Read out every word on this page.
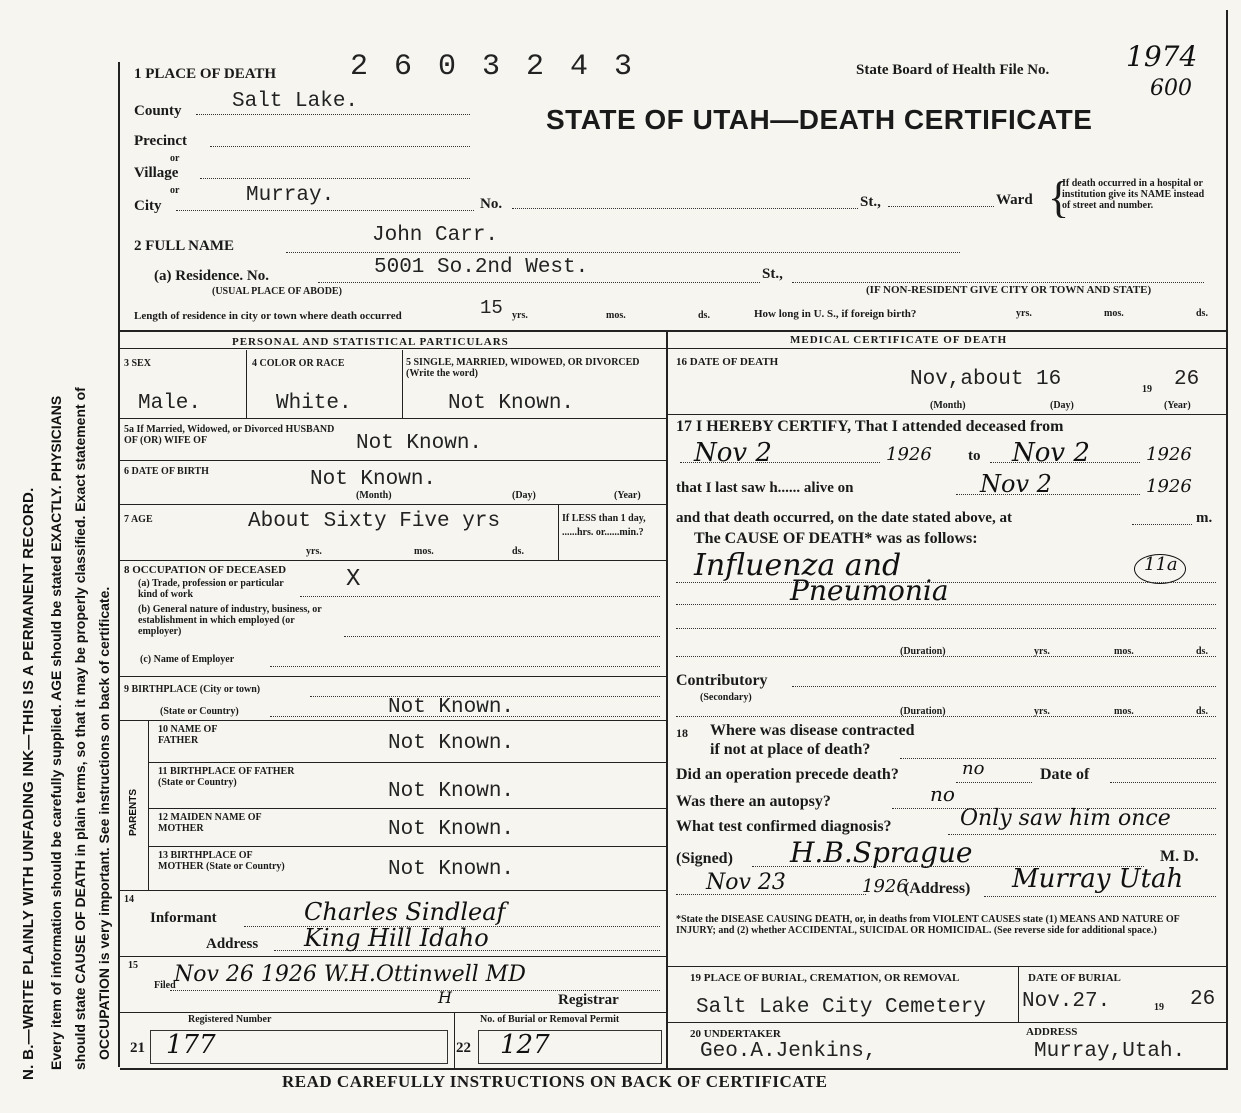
N. B.—WRITE PLAINLY WITH UNFADING INK—THIS IS A PERMANENT RECORD. Every item of information should be carefully supplied. AGE should be stated EXACTLY. PHYSICIANS should state CAUSE OF DEATH in plain terms, so that it may be properly classified. Exact statement of OCCUPATION is very important. See instructions on back of certificate.
1 PLACE OF DEATH 2 6 0 3 2 4 3	State Board of Health File No.	1974
600
STATE OF UTAH—DEATH CERTIFICATE
County Salt Lake.
Precinct
or
Village
or
City	Murray.	No.	St.,	Ward {
If death occurred in a hospital or institution give its NAME instead of street and number.
2 FULL NAME	John Carr.
(a) Residence. No.	5001 So.2nd West.	St.,
(USUAL PLACE OF ABODE)	(IF NON-RESIDENT GIVE CITY OR TOWN AND STATE)
Length of residence in city or town where death occurred	15 yrs.	mos.	ds.	How long in U. S., if foreign birth?	yrs.	mos.	ds.
PERSONAL AND STATISTICAL PARTICULARS	MEDICAL CERTIFICATE OF DEATH
3 SEX
Male.
4 COLOR OR RACE
White.
5 SINGLE, MARRIED, WIDOWED, OR DIVORCED (Write the word)
Not Known.
5a If Married, Widowed, or Divorced HUSBAND OF (OR) WIFE OF	Not Known.
6 DATE OF BIRTH	Not Known.
(Month)	(Day)	(Year)
7 AGE	About Sixty Five yrs
yrs.	mos.	ds.
If LESS than 1 day, ......hrs. or......min.?
8 OCCUPATION OF DECEASED X
(a) Trade, profession or particular kind of work
(b) General nature of industry, business, or establishment in which employed (or employer)
(c) Name of Employer
9 BIRTHPLACE (City or town)
(State or Country)	Not Known.
PARENTS
10 NAME OF FATHER	Not Known.
11 BIRTHPLACE OF FATHER (State or Country)	Not Known.
12 MAIDEN NAME OF MOTHER	Not Known.
13 BIRTHPLACE OF MOTHER (State or Country)	Not Known.
14
Informant	Charles Sindleaf
Address King Hill Idaho
15
Filed
Nov 26 1926 W.H.Ottinwell MD
H	Registrar
Registered Number	No. of Burial or Removal Permit
21 177	22 127
16 DATE OF DEATH
Nov,about 16	19 26
(Month)	(Day)	(Year)
17 I HEREBY CERTIFY, That I attended deceased from
Nov 2	1926 to Nov 2	1926
that I last saw h...... alive on	Nov 2	1926
and that death occurred, on the date stated above, at	m.
The CAUSE OF DEATH* was as follows:
Influenza and	11a
Pneumonia
(Duration)	yrs.	mos.	ds.
Contributory
(Secondary)
(Duration)	yrs.	mos.	ds.
18 Where was disease contracted
if not at place of death?
Did an operation precede death?	no	Date of
Was there an autopsy?	no
What test confirmed diagnosis?	Only saw him once
(Signed) H.B.Sprague	M. D.
Nov 23	1926
(Address) Murray Utah
*State the DISEASE CAUSING DEATH, or, in deaths from VIOLENT CAUSES state (1) MEANS AND NATURE OF INJURY; and (2) whether ACCIDENTAL, SUICIDAL OR HOMICIDAL. (See reverse side for additional space.)
19 PLACE OF BURIAL, CREMATION, OR REMOVAL	DATE OF BURIAL
Salt Lake City Cemetery Nov.27.	19 26
20 UNDERTAKER
Geo.A.Jenkins,
ADDRESS
Murray,Utah.
READ CAREFULLY INSTRUCTIONS ON BACK OF CERTIFICATE
